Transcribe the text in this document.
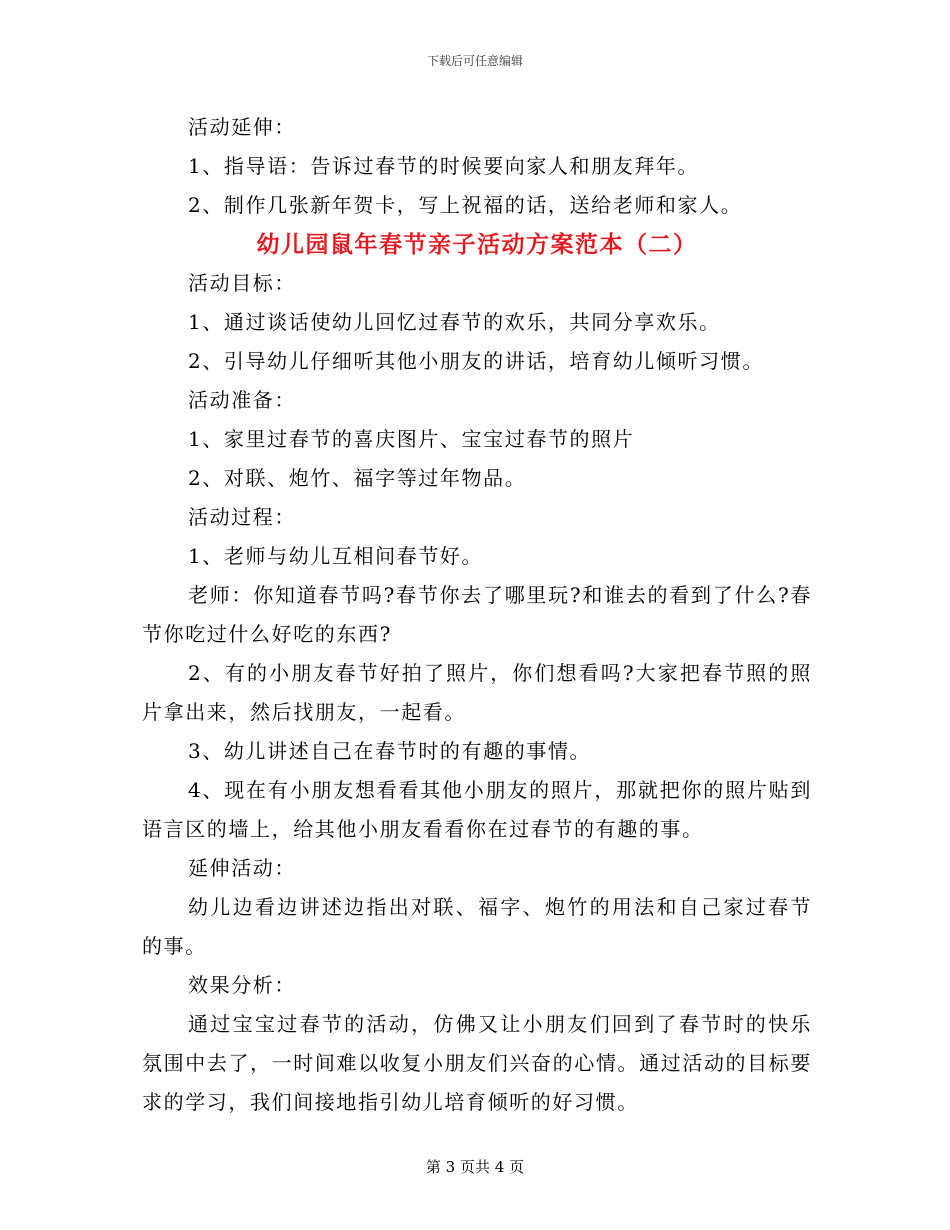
下载后可任意编辑
活动延伸：
1、指导语：告诉过春节的时候要向家人和朋友拜年。
2、制作几张新年贺卡，写上祝福的话，送给老师和家人。
幼儿园鼠年春节亲子活动方案范本（二）
活动目标：
1、通过谈话使幼儿回忆过春节的欢乐，共同分享欢乐。
2、引导幼儿仔细听其他小朋友的讲话，培育幼儿倾听习惯。
活动准备：
1、家里过春节的喜庆图片、宝宝过春节的照片
2、对联、炮竹、福字等过年物品。
活动过程：
1、老师与幼儿互相问春节好。
老师：你知道春节吗?春节你去了哪里玩?和谁去的看到了什么?春节你吃过什么好吃的东西?
2、有的小朋友春节好拍了照片，你们想看吗?大家把春节照的照片拿出来，然后找朋友，一起看。
3、幼儿讲述自己在春节时的有趣的事情。
4、现在有小朋友想看看其他小朋友的照片，那就把你的照片贴到语言区的墙上，给其他小朋友看看你在过春节的有趣的事。
延伸活动：
幼儿边看边讲述边指出对联、福字、炮竹的用法和自己家过春节的事。
效果分析：
通过宝宝过春节的活动，仿佛又让小朋友们回到了春节时的快乐氛围中去了，一时间难以收复小朋友们兴奋的心情。通过活动的目标要求的学习，我们间接地指引幼儿培育倾听的好习惯。
第 3 页共 4 页
